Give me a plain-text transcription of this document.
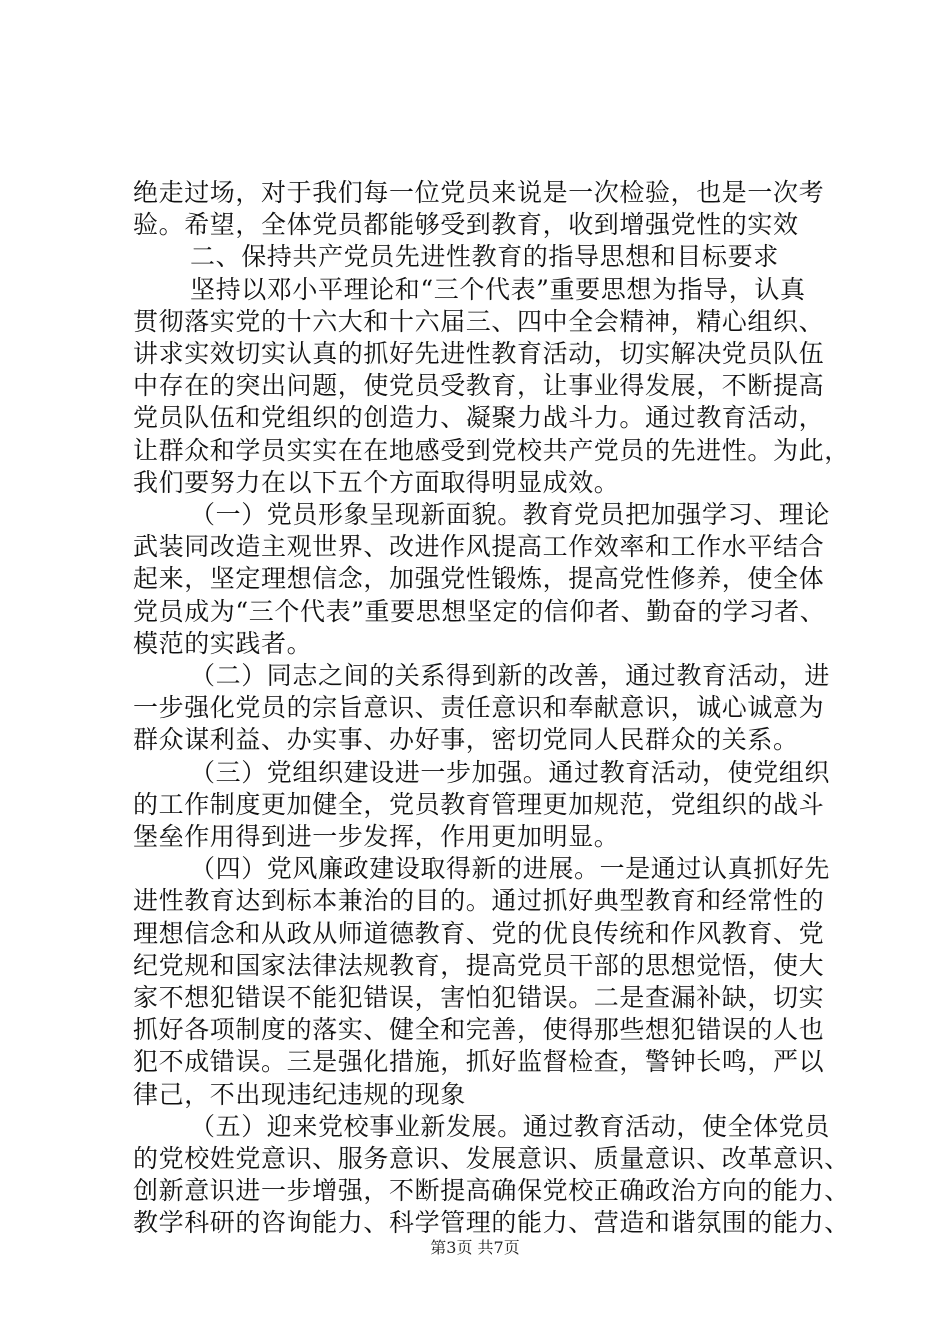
绝走过场，对于我们每一位党员来说是一次检验，也是一次考
验。希望，全体党员都能够受到教育，收到增强党性的实效
二、保持共产党员先进性教育的指导思想和目标要求
坚持以邓小平理论和“三个代表”重要思想为指导，认真
贯彻落实党的十六大和十六届三、四中全会精神，精心组织、
讲求实效切实认真的抓好先进性教育活动，切实解决党员队伍
中存在的突出问题，使党员受教育，让事业得发展，不断提高
党员队伍和党组织的创造力、凝聚力战斗力。通过教育活动，
让群众和学员实实在在地感受到党校共产党员的先进性。为此，
我们要努力在以下五个方面取得明显成效。
（一）党员形象呈现新面貌。教育党员把加强学习、理论
武装同改造主观世界、改进作风提高工作效率和工作水平结合
起来，坚定理想信念，加强党性锻炼，提高党性修养，使全体
党员成为“三个代表”重要思想坚定的信仰者、勤奋的学习者、
模范的实践者。
（二）同志之间的关系得到新的改善，通过教育活动，进
一步强化党员的宗旨意识、责任意识和奉献意识，诚心诚意为
群众谋利益、办实事、办好事，密切党同人民群众的关系。
（三）党组织建设进一步加强。通过教育活动，使党组织
的工作制度更加健全，党员教育管理更加规范，党组织的战斗
堡垒作用得到进一步发挥，作用更加明显。
（四）党风廉政建设取得新的进展。一是通过认真抓好先
进性教育达到标本兼治的目的。通过抓好典型教育和经常性的
理想信念和从政从师道德教育、党的优良传统和作风教育、党
纪党规和国家法律法规教育，提高党员干部的思想觉悟，使大
家不想犯错误不能犯错误，害怕犯错误。二是查漏补缺，切实
抓好各项制度的落实、健全和完善，使得那些想犯错误的人也
犯不成错误。三是强化措施，抓好监督检查，警钟长鸣，严以
律己，不出现违纪违规的现象
（五）迎来党校事业新发展。通过教育活动，使全体党员
的党校姓党意识、服务意识、发展意识、质量意识、改革意识、
创新意识进一步增强，不断提高确保党校正确政治方向的能力、
教学科研的咨询能力、科学管理的能力、营造和谐氛围的能力、
第3页 共7页
